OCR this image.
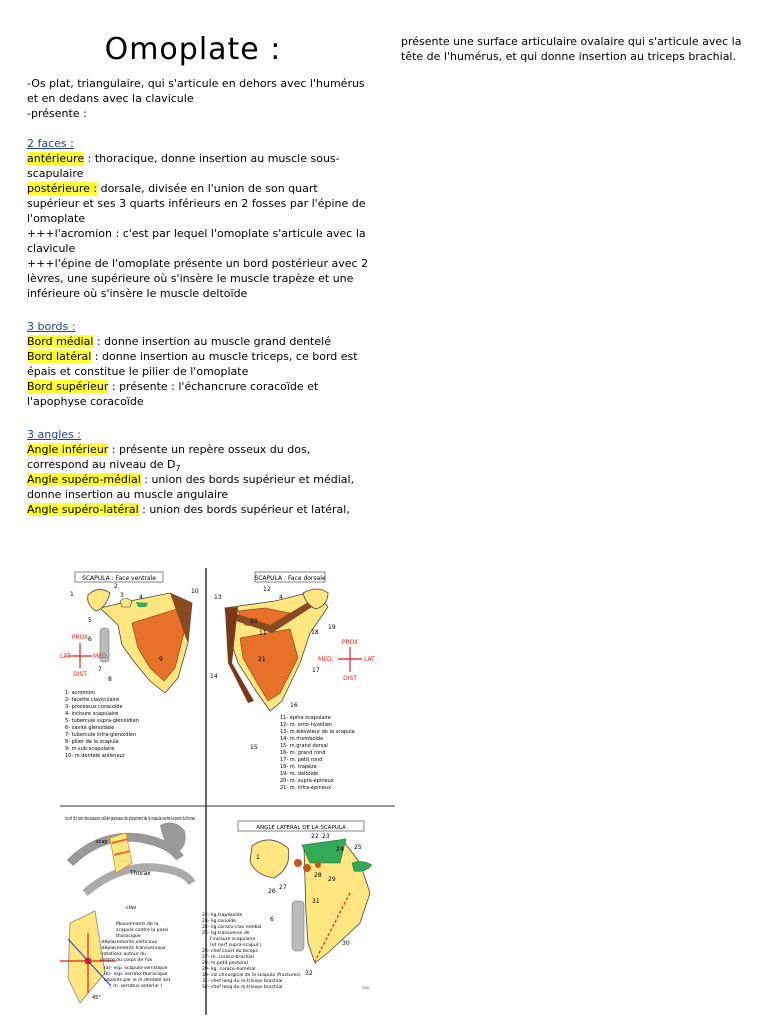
Omoplate :

-Os plat, triangulaire, qui s'articule en dehors avec l'humérus et en dedans avec la clavicule

-présente :

2 faces :

antérieure : thoracique, donne insertion au muscle sous-scapulaire

postérieure : dorsale, divisée en l'union de son quart supérieur et ses 3 quarts inférieurs en 2 fosses par l'épine de l'omoplate

+++l'acromion : c'est par lequel l'omoplate s'articule avec la clavicule

+++l'épine de l'omoplate présente un bord postérieur avec 2 lèvres, une supérieure où s'insère le muscle trapèze et une inférieure où s'insère le muscle deltoïde

3 bords :

Bord médial : donne insertion au muscle grand dentelé

Bord latéral : donne insertion au muscle triceps, ce bord est épais et constitue le pilier de l'omoplate

Bord supérieur : présente : l'échancrure coracoïde et l'apophyse coracoïde

3 angles :

Angle inférieur : présente un repère osseux du dos, correspond au niveau de $D_7$

Angle supéro-médial : union des bords supérieur et médial, donne insertion au muscle angulaire

Angle supéro-latéral : union des bords supérieur et latéral,

présente une surface articulaire ovalaire qui s'articule avec la tête de l'humérus, et qui donne insertion au triceps brachial.

SCAPULA : Face ventrale
1
2
3	4
5
6
7
8
9
10
PROX
DIST
LAT	MED.
1- acromion
2- facette claviculaire
3- processus coracoïde
4- incisure scapulaire
5- tubercule supra-glénoïdien
6- cavité glénoïdale
7- tubercule infra-glénoïdien
8- pilier de la scapula
9- m.sub-scapulaire
10- m.dentelé antérieur
SCAPULA : Face dorsale
12
4
13
20
11
21
14
15
16
17
18
19
PROX
DIST
LAT
MED.
11- épine scapulaire
12- m. omo-hyoïdien
13- m.élévateur de la scapula
14- m.rhomboïde
15- m.grand dorsal
16- m. grand rond
17- m. petit rond
18- m. trapèze
19- m. deltoïde
20- m. supra-épineux
21- m. infra-épineux
(a) et (b) sont des espaces cellulo-graisseux de glissement de la scapula contre la paroi du thorax
scap
Thorax
clav
45°
Mouvements de la
scapula contre la paroi
thoracique
-déplacements verticaux
-déplacements transversaux
-rotations autour du
centre du corps de l'os
(a)- esp. scapulo-serratique
(b)- esp. serrato-thoracique
séparés par le m.dentelé ant
( m. serratus anterior )
ANGLE LATERAL DE LA SCAPULA
1
22 23
24 25
26
27
28
29
30
31
32
6
nao
22- lig.trapézoïde
23- lig.conoïde
24- lig.coraco-clav médial
25- lig.transverse de
l'incisure scapulaire
(et nerf supra-scapul.)
26- chef court du biceps
27- m. coraco-brachial
28- m.petit pectoral
29- lig. coraco-huméral
30- col chirurgical de la scapula (fractures)
31- chef long du m.triceps brachial
32- chef long du m.triceps brachial
